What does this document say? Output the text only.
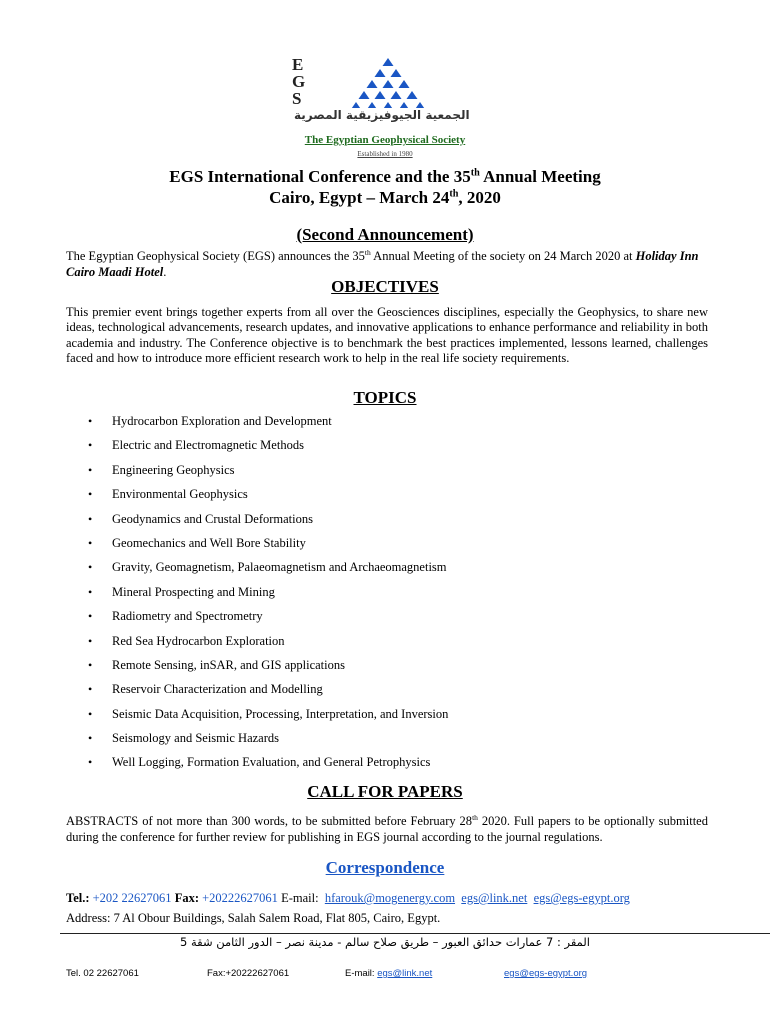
E
G
S
الجمعية الجيوفيزيقية المصرية
The Egyptian Geophysical Society
Established in 1980
EGS International Conference and the 35th Annual Meeting
Cairo, Egypt – March 24th, 2020
(Second Announcement)
The Egyptian Geophysical Society (EGS) announces the 35th Annual Meeting of the society on 24 March 2020 at Holiday Inn Cairo Maadi Hotel.
OBJECTIVES
This premier event brings together experts from all over the Geosciences disciplines, especially the Geophysics, to share new ideas, technological advancements, research updates, and innovative applications to enhance performance and reliability in both academia and industry. The Conference objective is to benchmark the best practices implemented, lessons learned, challenges faced and how to introduce more efficient research work to help in the real life society requirements.
TOPICS
• Hydrocarbon Exploration and Development
• Electric and Electromagnetic Methods
• Engineering Geophysics
• Environmental Geophysics
• Geodynamics and Crustal Deformations
• Geomechanics and Well Bore Stability
• Gravity, Geomagnetism, Palaeomagnetism and Archaeomagnetism
• Mineral Prospecting and Mining
• Radiometry and Spectrometry
• Red Sea Hydrocarbon Exploration
• Remote Sensing, inSAR, and GIS applications
• Reservoir Characterization and Modelling
• Seismic Data Acquisition, Processing, Interpretation, and Inversion
• Seismology and Seismic Hazards
• Well Logging, Formation Evaluation, and General Petrophysics
CALL FOR PAPERS
ABSTRACTS of not more than 300 words, to be submitted before February 28th 2020. Full papers to be optionally submitted during the conference for further review for publishing in EGS journal according to the journal regulations.
Correspondence
Tel.: +202 22627061 Fax: +20222627061 E-mail: hfarouk@mogenergy.com egs@link.net egs@egs-egypt.org
Address: 7 Al Obour Buildings, Salah Salem Road, Flat 805, Cairo, Egypt.
المقر : 7 عمارات حدائق العبور – طريق صلاح سالم - مدينة نصر – الدور الثامن شقة 5
Tel. 02 22627061	Fax:+20222627061	E-mail: egs@link.net	egs@egs-egypt.org
